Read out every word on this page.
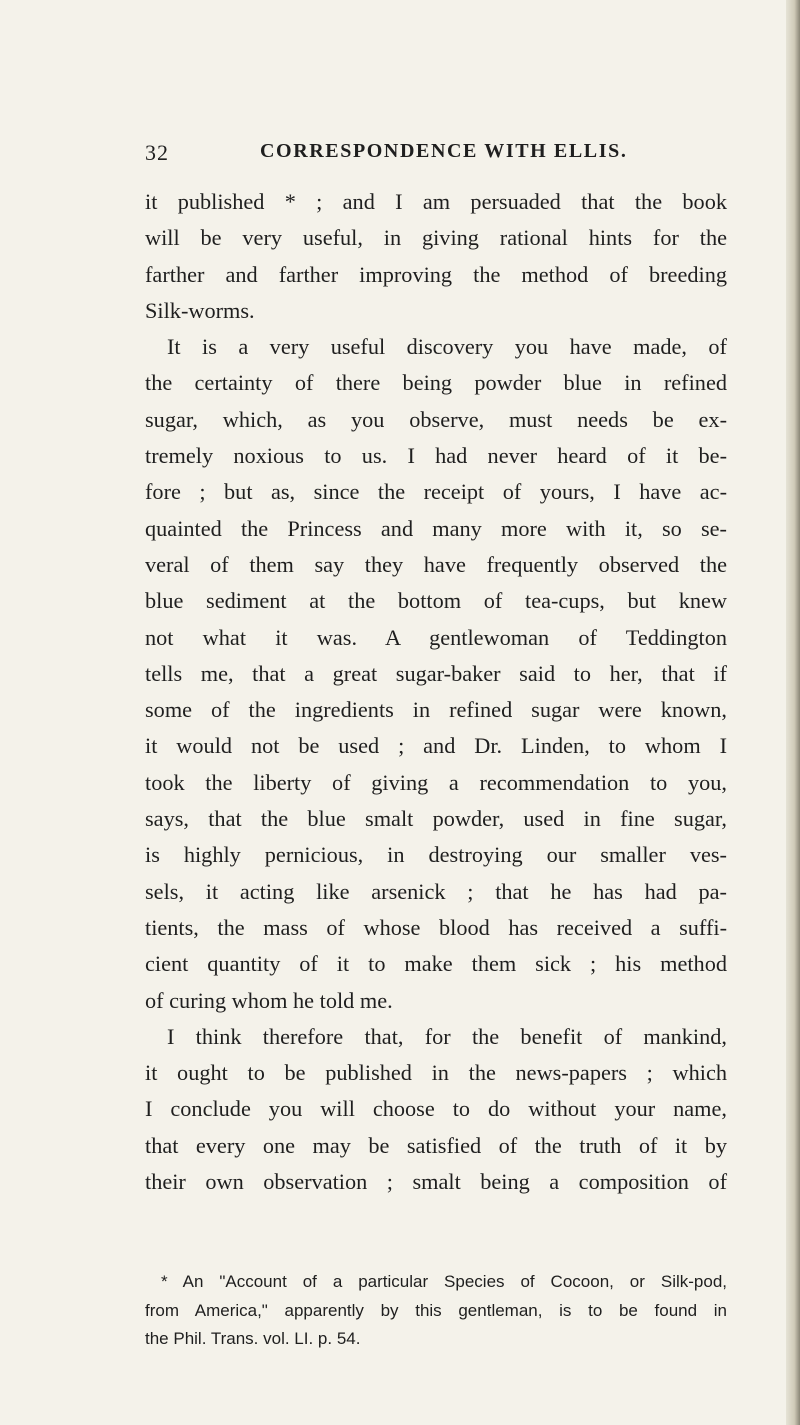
32	CORRESPONDENCE WITH ELLIS.
it published * ; and I am persuaded that the book
will be very useful, in giving rational hints for the
farther and farther improving the method of breeding
Silk-worms.
It is a very useful discovery you have made, of
the certainty of there being powder blue in refined
sugar, which, as you observe, must needs be ex-
tremely noxious to us. I had never heard of it be-
fore ; but as, since the receipt of yours, I have ac-
quainted the Princess and many more with it, so se-
veral of them say they have frequently observed the
blue sediment at the bottom of tea-cups, but knew
not what it was. A gentlewoman of Teddington
tells me, that a great sugar-baker said to her, that if
some of the ingredients in refined sugar were known,
it would not be used ; and Dr. Linden, to whom I
took the liberty of giving a recommendation to you,
says, that the blue smalt powder, used in fine sugar,
is highly pernicious, in destroying our smaller ves-
sels, it acting like arsenick ; that he has had pa-
tients, the mass of whose blood has received a suffi-
cient quantity of it to make them sick ; his method
of curing whom he told me.
I think therefore that, for the benefit of mankind,
it ought to be published in the news-papers ; which
I conclude you will choose to do without your name,
that every one may be satisfied of the truth of it by
their own observation ; smalt being a composition of
* An "Account of a particular Species of Cocoon, or Silk-pod,
from America," apparently by this gentleman, is to be found in
the Phil. Trans. vol. LI. p. 54.
